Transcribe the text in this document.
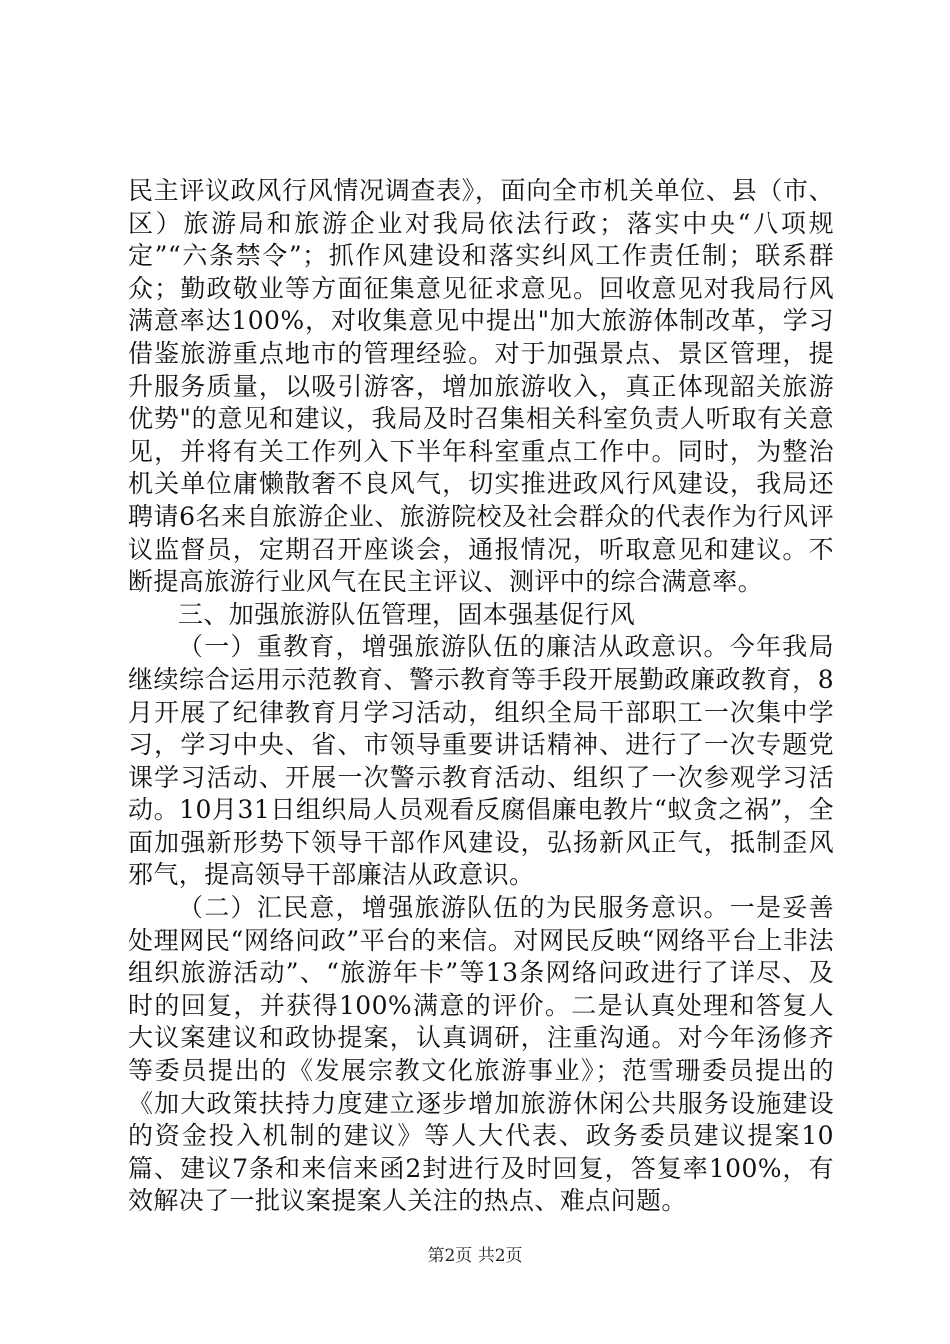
民主评议政风行风情况调查表》，面向全市机关单位、县（市、区）旅游局和旅游企业对我局依法行政；落实中央“八项规定”“六条禁令”；抓作风建设和落实纠风工作责任制；联系群众；勤政敬业等方面征集意见征求意见。回收意见对我局行风满意率达100%，对收集意见中提出"加大旅游体制改革，学习借鉴旅游重点地市的管理经验。对于加强景点、景区管理，提升服务质量，以吸引游客，增加旅游收入，真正体现韶关旅游优势"的意见和建议，我局及时召集相关科室负责人听取有关意见，并将有关工作列入下半年科室重点工作中。同时，为整治机关单位庸懒散奢不良风气，切实推进政风行风建设，我局还聘请6名来自旅游企业、旅游院校及社会群众的代表作为行风评议监督员，定期召开座谈会，通报情况，听取意见和建议。不断提高旅游行业风气在民主评议、测评中的综合满意率。

三、加强旅游队伍管理，固本强基促行风

（一）重教育，增强旅游队伍的廉洁从政意识。今年我局继续综合运用示范教育、警示教育等手段开展勤政廉政教育，8月开展了纪律教育月学习活动，组织全局干部职工一次集中学习，学习中央、省、市领导重要讲话精神、进行了一次专题党课学习活动、开展一次警示教育活动、组织了一次参观学习活动。10月31日组织局人员观看反腐倡廉电教片“蚁贪之祸”，全面加强新形势下领导干部作风建设，弘扬新风正气，抵制歪风邪气，提高领导干部廉洁从政意识。

（二）汇民意，增强旅游队伍的为民服务意识。一是妥善处理网民“网络问政”平台的来信。对网民反映“网络平台上非法组织旅游活动”、“旅游年卡”等13条网络问政进行了详尽、及时的回复，并获得100%满意的评价。二是认真处理和答复人大议案建议和政协提案，认真调研，注重沟通。对今年汤修齐等委员提出的《发展宗教文化旅游事业》；范雪珊委员提出的《加大政策扶持力度建立逐步增加旅游休闲公共服务设施建设的资金投入机制的建议》等人大代表、政务委员建议提案10篇、建议7条和来信来函2封进行及时回复，答复率100%，有效解决了一批议案提案人关注的热点、难点问题。

第2页 共2页
